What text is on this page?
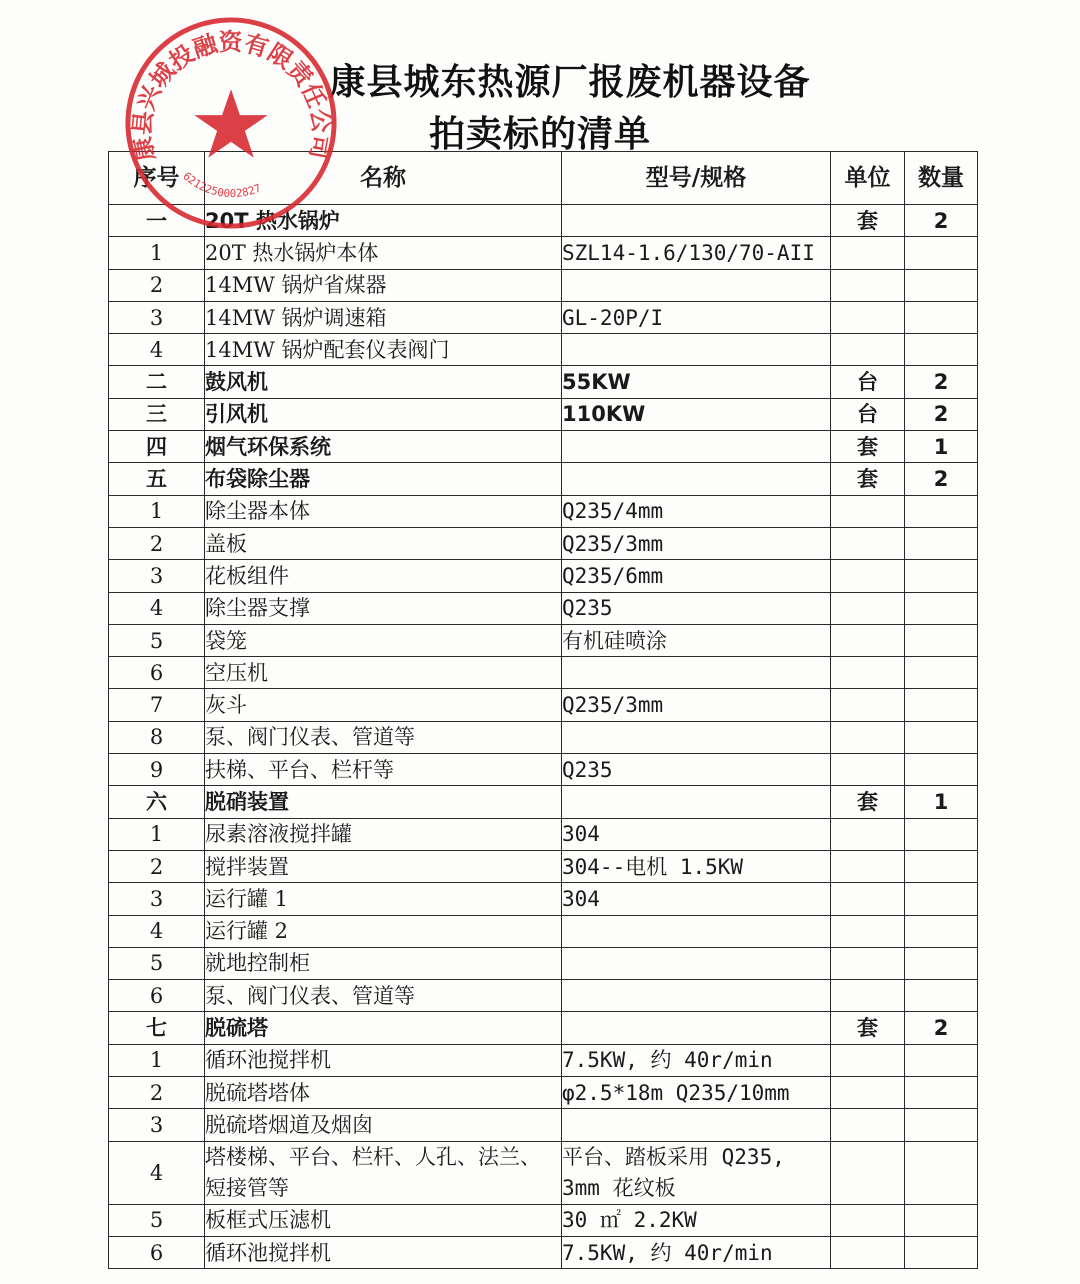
康县城东热源厂报废机器设备
拍卖标的清单
序号	名称	型号/规格	单位	数量
一	20T 热水锅炉		套	2
1	20T 热水锅炉本体	SZL14-1.6/130/70-AII		
2	14MW 锅炉省煤器			
3	14MW 锅炉调速箱	GL-20P/I		
4	14MW 锅炉配套仪表阀门			
二	鼓风机	55KW	台	2
三	引风机	110KW	台	2
四	烟气环保系统		套	1
五	布袋除尘器		套	2
1	除尘器本体	Q235/4mm		
2	盖板	Q235/3mm		
3	花板组件	Q235/6mm		
4	除尘器支撑	Q235		
5	袋笼	有机硅喷涂		
6	空压机			
7	灰斗	Q235/3mm		
8	泵、阀门仪表、管道等			
9	扶梯、平台、栏杆等	Q235		
六	脱硝装置		套	1
1	尿素溶液搅拌罐	304		
2	搅拌装置	304--电机 1.5KW		
3	运行罐 1	304		
4	运行罐 2			
5	就地控制柜			
6	泵、阀门仪表、管道等			
七	脱硫塔		套	2
1	循环池搅拌机	7.5KW, 约 40r/min		
2	脱硫塔塔体	φ2.5*18m Q235/10mm		
3	脱硫塔烟道及烟囱			
4	塔楼梯、平台、栏杆、人孔、法兰、短接管等	平台、踏板采用 Q235, 3mm 花纹板		

5	板框式压滤机	30 ㎡ 2.2KW		
6	循环池搅拌机	7.5KW, 约 40r/min		
康县兴城投融资有限责任公司
6212250002827
